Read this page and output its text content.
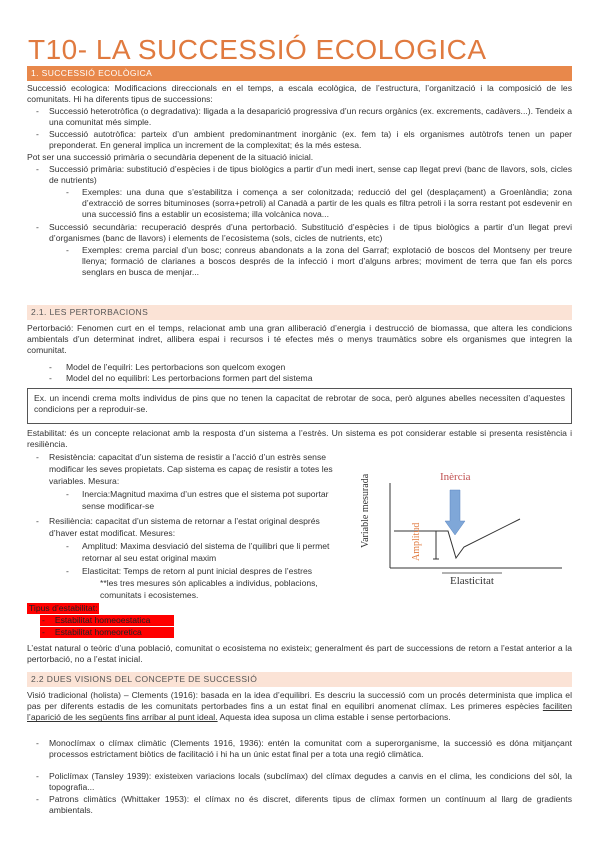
T10- LA SUCCESSIÓ ECOLOGICA
1. SUCCESSIÓ ECOLÒGICA
Successió ecologica: Modificacions direccionals en el temps, a escala ecològica, de l’estructura, l’organització i la composició de les comunitats. Hi ha diferents tipus de successions:
- Successió heterotròfica (o degradativa): lligada a la desaparició progressiva d’un recurs orgànics (ex. excrements, cadàvers...). Tendeix a una comunitat més simple.
- Successió autotròfica: parteix d’un ambient predominantment inorgànic (ex. fem ta) i els organismes autòtrofs tenen un paper preponderat. En general implica un increment de la complexitat; és la més estesa.
Pot ser una successió primària o secundària depenent de la situació inicial.
- Successió primària: substitució d’espècies i de tipus biològics a partir d’un medi inert, sense cap llegat previ (banc de llavors, sols, cicles de nutrients)
- Exemples: una duna que s’estabilitza i comença a ser colonitzada; reducció del gel (desplaçament) a Groenlàndia; zona d’extracció de sorres bituminoses (sorra+petroli) al Canadà a partir de les quals es filtra petroli i la sorra restant pot esdevenir en una successió fins a establir un ecosistema; illa volcànica nova...
- Successió secundària: recuperació després d’una pertorbació. Substitució d’espècies i de tipus biològics a partir d’un llegat previ d’organismes (banc de llavors) i elements de l’ecosistema (sols, cicles de nutrients, etc)
- Exemples: crema parcial d’un bosc; conreus abandonats a la zona del Garraf; explotació de boscos del Montseny per treure llenya; formació de clarianes a boscos després de la infecció i mort d’alguns arbres; moviment de terra que fan els porcs senglars en busca de menjar...
2.1. LES PERTORBACIONS
Pertorbació: Fenomen curt en el temps, relacionat amb una gran alliberació d’energia i destrucció de biomassa, que altera les condicions ambientals d’un determinat indret, allibera espai i recursos i té efectes més o menys traumàtics sobre els organismes que integren la comunitat.
- Model de l’equilri: Les pertorbacions son quelcom exogen
- Model del no equilibri: Les pertorbacions formen part del sistema
Ex. un incendi crema molts individus de pins que no tenen la capacitat de rebrotar de soca, però algunes abelles necessiten d’aquestes condicions per a reproduir-se.
Estabilitat: és un concepte relacionat amb la resposta d’un sistema a l’estrès. Un sistema es pot considerar estable si presenta resistència i resiliència.
- Resistència: capacitat d’un sistema de resistir a l’acció d’un estrès sense
modificar les seves propietats. Cap sistema es capaç de resistir a totes les
variables. Mesura:
- Inercia:Magnitud maxima d’un estres que el sistema pot suportar
sense modificar-se
- Resiliència: capacitat d’un sistema de retornar a l’estat original després
d’haver estat modificat. Mesures:
- Amplitud: Maxima desviació del sistema de l’quilibri que li permet
retornar al seu estat original maxim
- Elasticitat: Temps de retorn al punt inicial despres de l’estres
**les tres mesures són aplicables a individus, poblacions,
comunitats i ecosistemes.
Variable mesurada	Inèrcia
Amplitud
Elasticitat
Tipus d’estabilitat:
- Estabilitat homeoestatica
- Estabilitat homeoretica
L’estat natural o teòric d’una població, comunitat o ecosistema no existeix; generalment és part de successions de retorn a l’estat anterior a la pertorbació, no a l’estat inicial.
2.2 DUES VISIONS DEL CONCEPTE DE SUCCESSIÓ
Visió tradicional (holista) – Clements (1916): basada en la idea d’equilibri. Es descriu la successió com un procés determinista que implica el pas per diferents estadis de les comunitats pertorbades fins a un estat final en equilibri anomenat clímax. Les primeres espècies faciliten l’aparició de les següents fins arribar al punt ideal. Aquesta idea suposa un clima estable i sense pertorbacions.
- Monoclímax o clímax climàtic (Clements 1916, 1936): entén la comunitat com a superorganisme, la successió es dóna mitjançant processos estrictament biòtics de facilitació i hi ha un únic estat final per a tota una regió climàtica.
- Policlímax (Tansley 1939): existeixen variacions locals (subclímax) del clímax degudes a canvis en el clima, les condicions del sòl, la topografia...
- Patrons climàtics (Whittaker 1953): el clímax no és discret, diferents tipus de clímax formen un contínuum al llarg de gradients ambientals.
